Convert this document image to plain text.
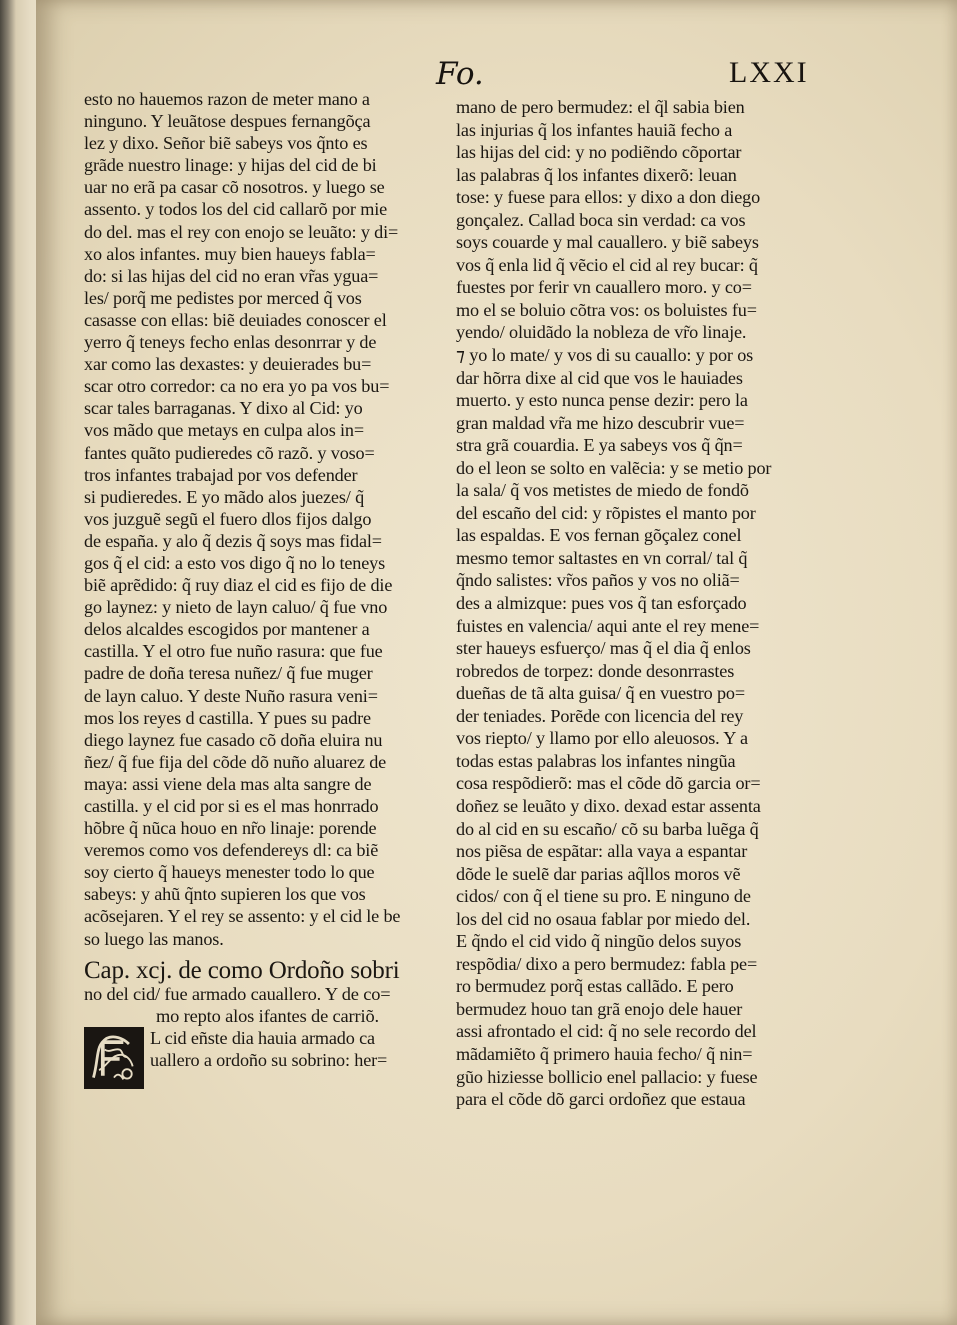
Fo.	LXXI
esto no hauemos razon de meter mano a
ninguno. Y leuãtose despues fernangõça
lez y dixo. Señor biẽ sabeys vos q̃nto es
grãde nuestro linage: y hijas del cid de bi
uar no erã pa casar cõ nosotros. y luego se
assento. y todos los del cid callarõ por mie
do del. mas el rey con enojo se leuãto: y di=
xo alos infantes. muy bien haueys fabla=
do: si las hijas del cid no eran vr̃as ygua=
les/ porq̃ me pedistes por merced q̃ vos
casasse con ellas: biẽ deuiades conoscer el
yerro q̃ teneys fecho enlas desonrrar y de
xar como las dexastes: y deuierades bu=
scar otro corredor: ca no era yo pa vos bu=
scar tales barraganas. Y dixo al Cid: yo
vos mãdo que metays en culpa alos in=
fantes quãto pudieredes cõ razõ. y voso=
tros infantes trabajad por vos defender
si pudieredes. E yo mãdo alos juezes/ q̃
vos juzguẽ segũ el fuero dlos fijos dalgo
de españa. y alo q̃ dezis q̃ soys mas fidal=
gos q̃ el cid: a esto vos digo q̃ no lo teneys
biẽ aprẽdido: q̃ ruy diaz el cid es fijo de die
go laynez: y nieto de layn caluo/ q̃ fue vno
delos alcaldes escogidos por mantener a
castilla. Y el otro fue nuño rasura: que fue
padre de doña teresa nuñez/ q̃ fue muger
de layn caluo. Y deste Nuño rasura veni=
mos los reyes d castilla. Y pues su padre
diego laynez fue casado cõ doña eluira nu
ñez/ q̃ fue fija del cõde dõ nuño aluarez de
maya: assi viene dela mas alta sangre de
castilla. y el cid por si es el mas honrrado
hõbre q̃ nũca houo en nr̃o linaje: porende
veremos como vos defendereys dl: ca biẽ
soy cierto q̃ haueys menester todo lo que
sabeys: y ahũ q̃nto supieren los que vos
acõsejaren. Y el rey se assento: y el cid le be
so luego las manos.
Cap. xcj. de como Ordoño sobri
no del cid/ fue armado cauallero. Y de co=
mo repto alos ifantes de carriõ.
L cid eñste dia hauia armado ca
uallero a ordoño su sobrino: her=
mano de pero bermudez: el q̃l sabia bien
las injurias q̃ los infantes hauiã fecho a
las hijas del cid: y no podiẽndo cõportar
las palabras q̃ los infantes dixerõ: leuan
tose: y fuese para ellos: y dixo a don diego
gonçalez. Callad boca sin verdad: ca vos
soys couarde y mal cauallero. y biẽ sabeys
vos q̃ enla lid q̃ vẽcio el cid al rey bucar: q̃
fuestes por ferir vn cauallero moro. y co=
mo el se boluio cõtra vos: os boluistes fu=
yendo/ oluidãdo la nobleza de vr̃o linaje.
⁊ yo lo mate/ y vos di su cauallo: y por os
dar hõrra dixe al cid que vos le hauiades
muerto. y esto nunca pense dezir: pero la
gran maldad vr̃a me hizo descubrir vue=
stra grã couardia. E ya sabeys vos q̃ q̃n=
do el leon se solto en valẽcia: y se metio por
la sala/ q̃ vos metistes de miedo de fondõ
del escaño del cid: y rõpistes el manto por
las espaldas. E vos fernan gõçalez conel
mesmo temor saltastes en vn corral/ tal q̃
q̃ndo salistes: vr̃os paños y vos no oliã=
des a almizque: pues vos q̃ tan esforçado
fuistes en valencia/ aqui ante el rey mene=
ster haueys esfuerço/ mas q̃ el dia q̃ enlos
robredos de torpez: donde desonrrastes
dueñas de tã alta guisa/ q̃ en vuestro po=
der teniades. Porẽde con licencia del rey
vos riepto/ y llamo por ello aleuosos. Y a
todas estas palabras los infantes ningũa
cosa respõdierõ: mas el cõde dõ garcia or=
doñez se leuãto y dixo. dexad estar assenta
do al cid en su escaño/ cõ su barba luẽga q̃
nos piẽsa de espãtar: alla vaya a espantar
dõde le suelẽ dar parias aq̃llos moros vẽ
cidos/ con q̃ el tiene su pro. E ninguno de
los del cid no osaua fablar por miedo del.
E q̃ndo el cid vido q̃ ningũo delos suyos
respõdia/ dixo a pero bermudez: fabla pe=
ro bermudez porq̃ estas callãdo. E pero
bermudez houo tan grã enojo dele hauer
assi afrontado el cid: q̃ no sele recordo del
mãdamiẽto q̃ primero hauia fecho/ q̃ nin=
gũo hiziesse bollicio enel pallacio: y fuese
para el cõde dõ garci ordoñez que estaua
